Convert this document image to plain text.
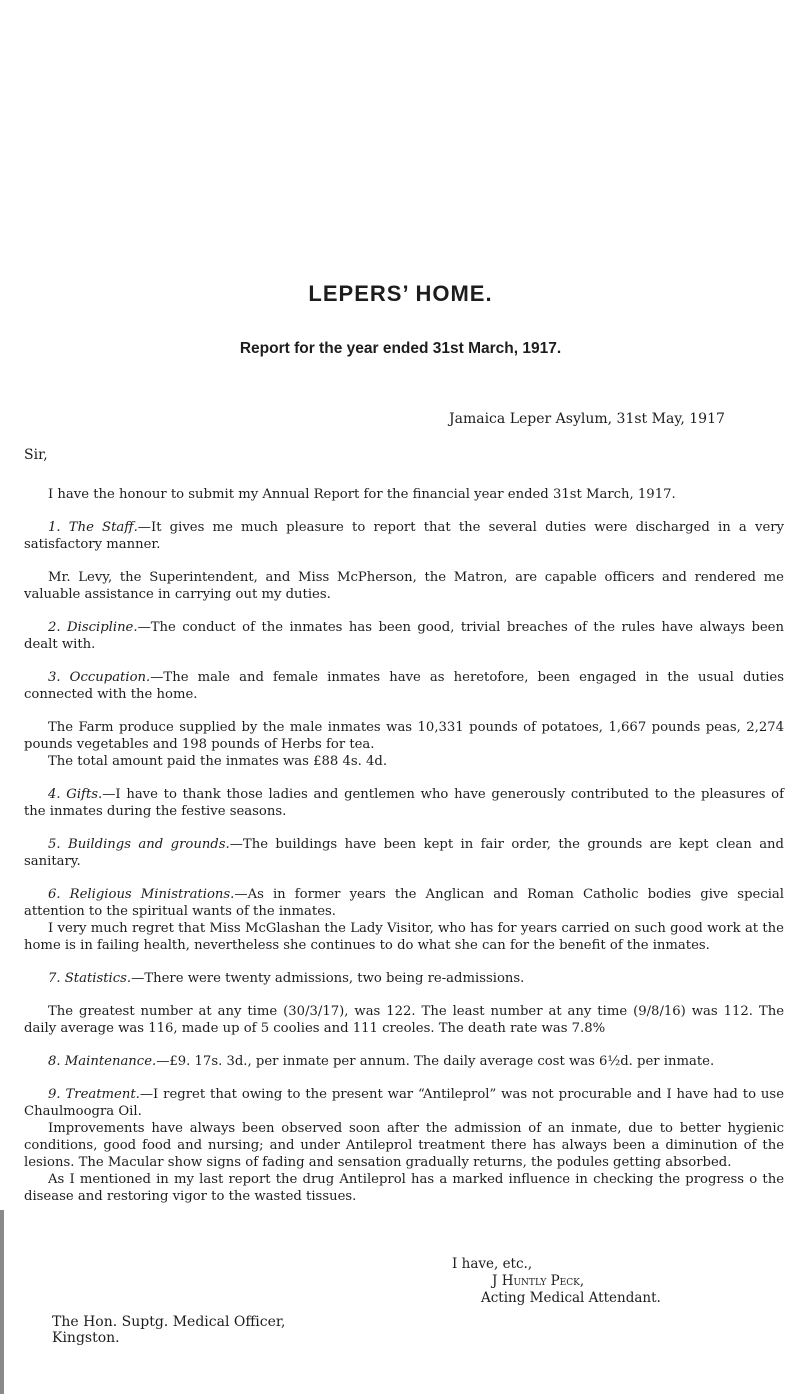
LEPERS’ HOME.
Report for the year ended 31st March, 1917.
Jamaica Leper Asylum, 31st May, 1917
Sir,

I have the honour to submit my Annual Report for the financial year ended 31st March, 1917.

1. The Staff.—It gives me much pleasure to report that the several duties were discharged in a very satisfactory manner.

Mr. Levy, the Superintendent, and Miss McPherson, the Matron, are capable officers and rendered me valuable assistance in carrying out my duties.

2. Discipline.—The conduct of the inmates has been good, trivial breaches of the rules have always been dealt with.

3. Occupation.—The male and female inmates have as heretofore, been engaged in the usual duties connected with the home.

The Farm produce supplied by the male inmates was 10,331 pounds of potatoes, 1,667 pounds peas, 2,274 pounds vegetables and 198 pounds of Herbs for tea.

The total amount paid the inmates was £88 4s. 4d.

4. Gifts.—I have to thank those ladies and gentlemen who have generously contributed to the pleasures of the inmates during the festive seasons.

5. Buildings and grounds.—The buildings have been kept in fair order, the grounds are kept clean and sanitary.

6. Religious Ministrations.—As in former years the Anglican and Roman Catholic bodies give special attention to the spiritual wants of the inmates.

I very much regret that Miss McGlashan the Lady Visitor, who has for years carried on such good work at the home is in failing health, nevertheless she continues to do what she can for the benefit of the inmates.

7. Statistics.—There were twenty admissions, two being re-admissions.

The greatest number at any time (30/3/17), was 122. The least number at any time (9/8/16) was 112. The daily average was 116, made up of 5 coolies and 111 creoles. The death rate was 7.8%

8. Maintenance.—£9. 17s. 3d., per inmate per annum. The daily average cost was 6½d. per inmate.

9. Treatment.—I regret that owing to the present war “Antileprol” was not procurable and I have had to use Chaulmoogra Oil.

Improvements have always been observed soon after the admission of an inmate, due to better hygienic conditions, good food and nursing; and under Antileprol treatment there has always been a diminution of the lesions. The Macular show signs of fading and sensation gradually returns, the podules getting absorbed.

As I mentioned in my last report the drug Antileprol has a marked influence in checking the progress o the disease and restoring vigor to the wasted tissues.

I have, etc.,
J Huntly Peck,
Acting Medical Attendant.
The Hon. Suptg. Medical Officer,
Kingston.
